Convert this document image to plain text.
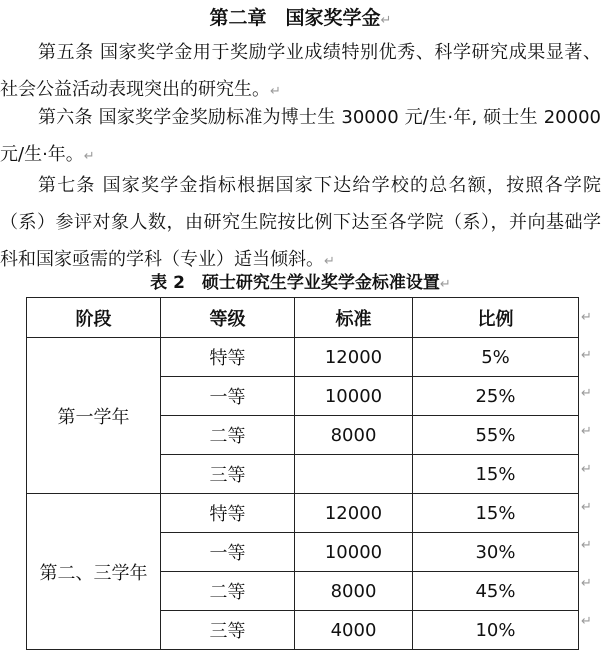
第二章　国家奖学金↵

第五条 国家奖学金用于奖励学业成绩特别优秀、科学研究成果显著、社会公益活动表现突出的研究生。↵

第六条 国家奖学金奖励标准为博士生 30000 元/生·年, 硕士生 20000 元/生·年。↵

第七条 国家奖学金指标根据国家下达给学校的总名额，按照各学院（系）参评对象人数，由研究生院按比例下达至各学院（系），并向基础学科和国家亟需的学科（专业）适当倾斜。↵

表 2　硕士研究生学业奖学金标准设置↵
阶段	等级	标准	比例
第一学年	特等	12000	5%
	一等	10000	25%
	二等	8000	55%
	三等		15%
第二、三学年	特等	12000	15%
	一等	10000	30%
	二等	8000	45%
	三等	4000	10%
↵
↵
↵
↵
↵
↵
↵
↵
↵
